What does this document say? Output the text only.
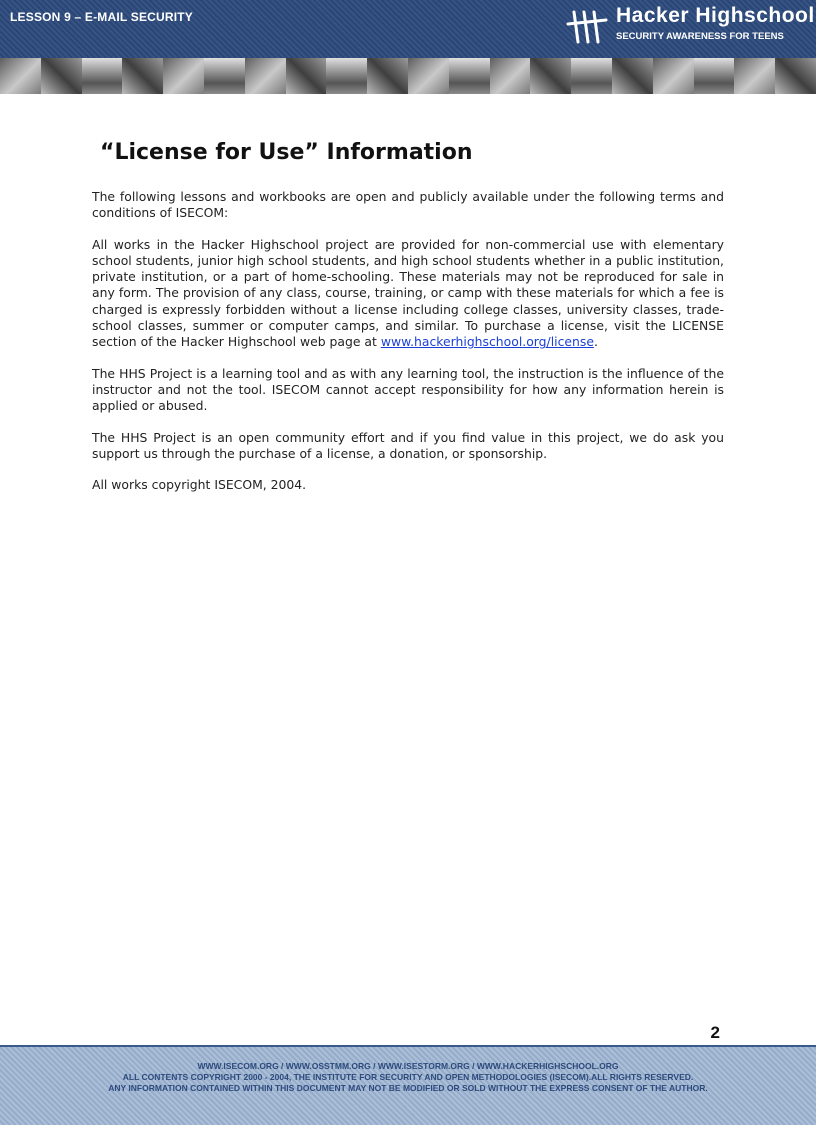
LESSON 9 – E-MAIL SECURITY	Hacker Highschool
SECURITY AWARENESS FOR TEENS
“License for Use” Information

The following lessons and workbooks are open and publicly available under the following terms and conditions of ISECOM:

All works in the Hacker Highschool project are provided for non-commercial use with elementary school students, junior high school students, and high school students whether in a public institution, private institution, or a part of home-schooling. These materials may not be reproduced for sale in any form. The provision of any class, course, training, or camp with these materials for which a fee is charged is expressly forbidden without a license including college classes, university classes, trade-school classes, summer or computer camps, and similar. To purchase a license, visit the LICENSE section of the Hacker Highschool web page at www.hackerhighschool.org/license.

The HHS Project is a learning tool and as with any learning tool, the instruction is the influence of the instructor and not the tool. ISECOM cannot accept responsibility for how any information herein is applied or abused.

The HHS Project is an open community effort and if you find value in this project, we do ask you support us through the purchase of a license, a donation, or sponsorship.

All works copyright ISECOM, 2004.

2
WWW.ISECOM.ORG / WWW.OSSTMM.ORG / WWW.ISESTORM.ORG / WWW.HACKERHIGHSCHOOL.ORG
ALL CONTENTS COPYRIGHT 2000 - 2004, THE INSTITUTE FOR SECURITY AND OPEN METHODOLOGIES (ISECOM).ALL RIGHTS RESERVED.
ANY INFORMATION CONTAINED WITHIN THIS DOCUMENT MAY NOT BE MODIFIED OR SOLD WITHOUT THE EXPRESS CONSENT OF THE AUTHOR.
